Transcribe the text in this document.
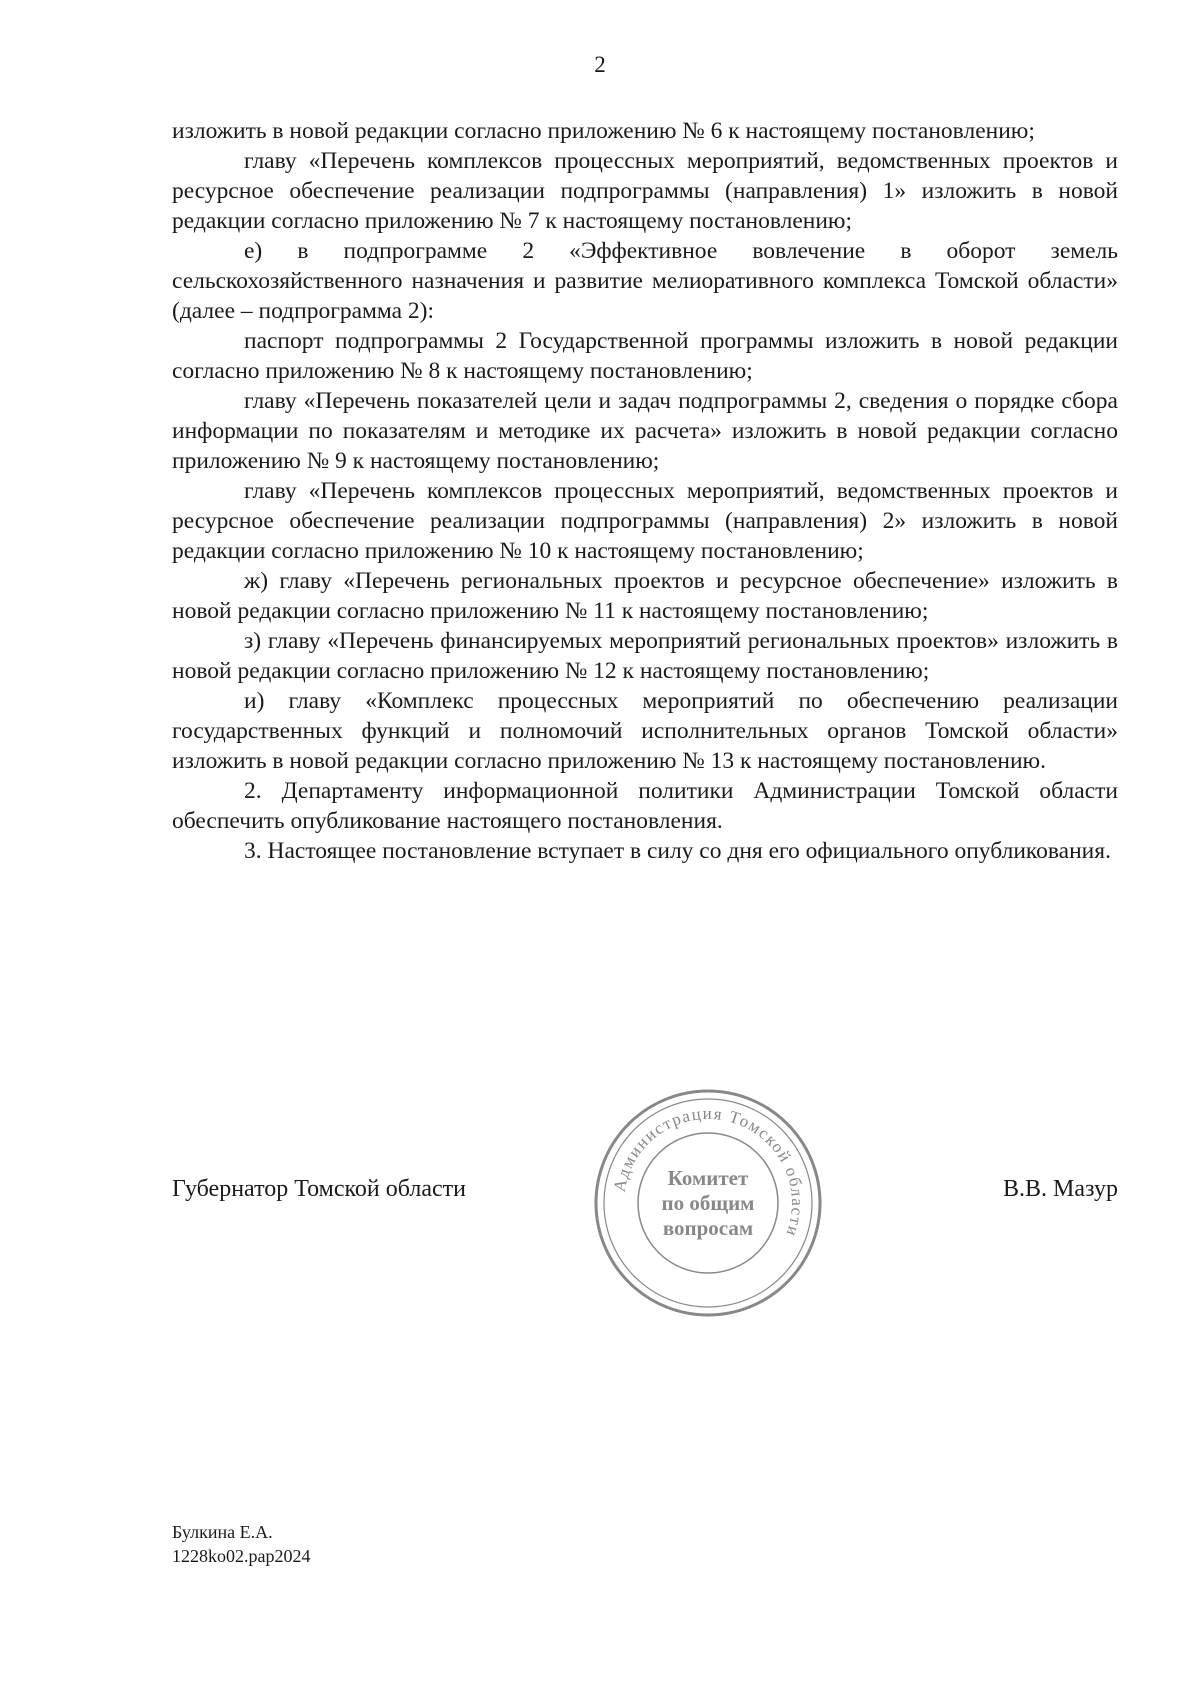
2

изложить в новой редакции согласно приложению № 6 к настоящему постановлению;

главу «Перечень комплексов процессных мероприятий, ведомственных проектов и ресурсное обеспечение реализации подпрограммы (направления) 1» изложить в новой редакции согласно приложению № 7 к настоящему постановлению;

е) в подпрограмме 2 «Эффективное вовлечение в оборот земель сельскохозяйственного назначения и развитие мелиоративного комплекса Томской области» (далее – подпрограмма 2):

паспорт подпрограммы 2 Государственной программы изложить в новой редакции согласно приложению № 8 к настоящему постановлению;

главу «Перечень показателей цели и задач подпрограммы 2, сведения о порядке сбора информации по показателям и методике их расчета» изложить в новой редакции согласно приложению № 9 к настоящему постановлению;

главу «Перечень комплексов процессных мероприятий, ведомственных проектов и ресурсное обеспечение реализации подпрограммы (направления) 2» изложить в новой редакции согласно приложению № 10 к настоящему постановлению;

ж) главу «Перечень региональных проектов и ресурсное обеспечение» изложить в новой редакции согласно приложению № 11 к настоящему постановлению;

з) главу «Перечень финансируемых мероприятий региональных проектов» изложить в новой редакции согласно приложению № 12 к настоящему постановлению;

и) главу «Комплекс процессных мероприятий по обеспечению реализации государственных функций и полномочий исполнительных органов Томской области» изложить в новой редакции согласно приложению № 13 к настоящему постановлению.

2. Департаменту информационной политики Администрации Томской области обеспечить опубликование настоящего постановления.

3. Настоящее постановление вступает в силу со дня его официального опубликования.

Губернатор Томской области	В.В. Мазур
Администрация Томской области
Комитет
по общим
вопросам
Булкина Е.А.
1228ko02.pap2024
